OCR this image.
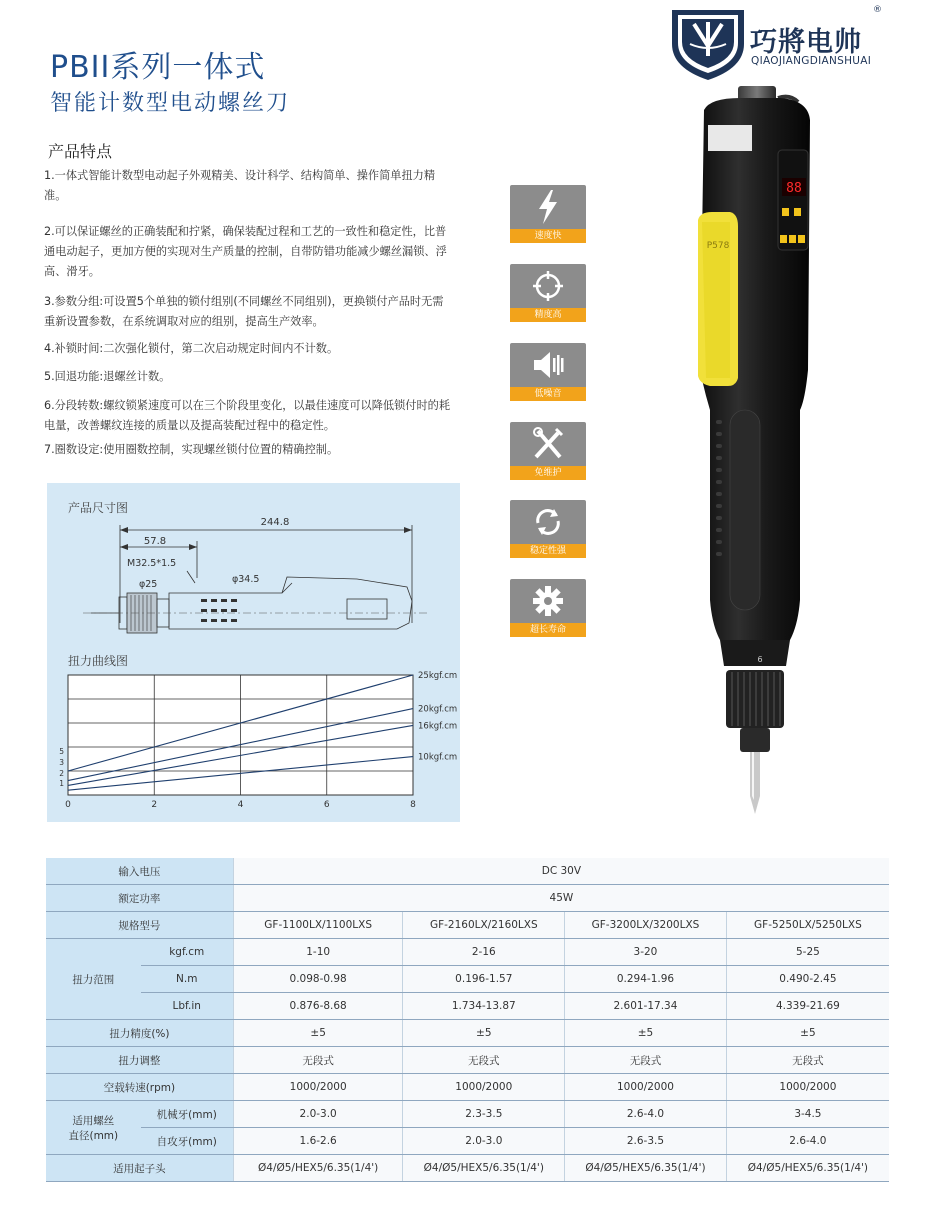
巧將电帅
QIAOJIANGDIANSHUAI
®
PBII系列一体式
智能计数型电动螺丝刀
产品特点
1.一体式智能计数型电动起子外观精美、设计科学、结构简单、操作简单扭力精准。
2.可以保证螺丝的正确装配和拧紧，确保装配过程和工艺的一致性和稳定性，比普通电动起子，更加方便的实现对生产质量的控制，自带防错功能减少螺丝漏锁、浮高、滑牙。
3.参数分组:可设置5个单独的锁付组别(不同螺丝不同组别)，更换锁付产品时无需重新设置参数，在系统调取对应的组别，提高生产效率。
4.补锁时间:二次强化锁付，第二次启动规定时间内不计数。
5.回退功能:退螺丝计数。
6.分段转数:螺纹锁紧速度可以在三个阶段里变化，以最佳速度可以降低锁付时的耗电量，改善螺纹连接的质量以及提高装配过程中的稳定性。
7.圈数设定:使用圈数控制，实现螺丝锁付位置的精确控制。
速度快
精度高
低噪音
免维护
稳定性强
超长寿命
88
P578
6
产品尺寸图
244.8
57.8
M32.5*1.5
φ25	φ34.5
扭力曲线图
25kgf.cm
20kgf.cm
16kgf.cm
10kgf.cm
0	2	4	6	8
1
2
3
5
输入电压		DC 30V			
额定功率		45W			
规格型号		GF-1100LX/1100LXS	GF-2160LX/2160LXS	GF-3200LX/3200LXS	GF-5250LX/5250LXS
扭力范围	kgf.cm	1-10	2-16	3-20	5-25
	N.m	0.098-0.98	0.196-1.57	0.294-1.96	0.490-2.45
	Lbf.in	0.876-8.68	1.734-13.87	2.601-17.34	4.339-21.69
扭力精度(%)		±5	±5	±5	±5
扭力调整		无段式	无段式	无段式	无段式
空载转速(rpm)		1000/2000	1000/2000	1000/2000	1000/2000
适用螺丝
直径(mm)	机械牙(mm)	2.0-3.0	2.3-3.5	2.6-4.0	3-4.5
	自攻牙(mm)	1.6-2.6	2.0-3.0	2.6-3.5	2.6-4.0
适用起子头		Ø4/Ø5/HEX5/6.35(1/4')	Ø4/Ø5/HEX5/6.35(1/4')	Ø4/Ø5/HEX5/6.35(1/4')	Ø4/Ø5/HEX5/6.35(1/4')
